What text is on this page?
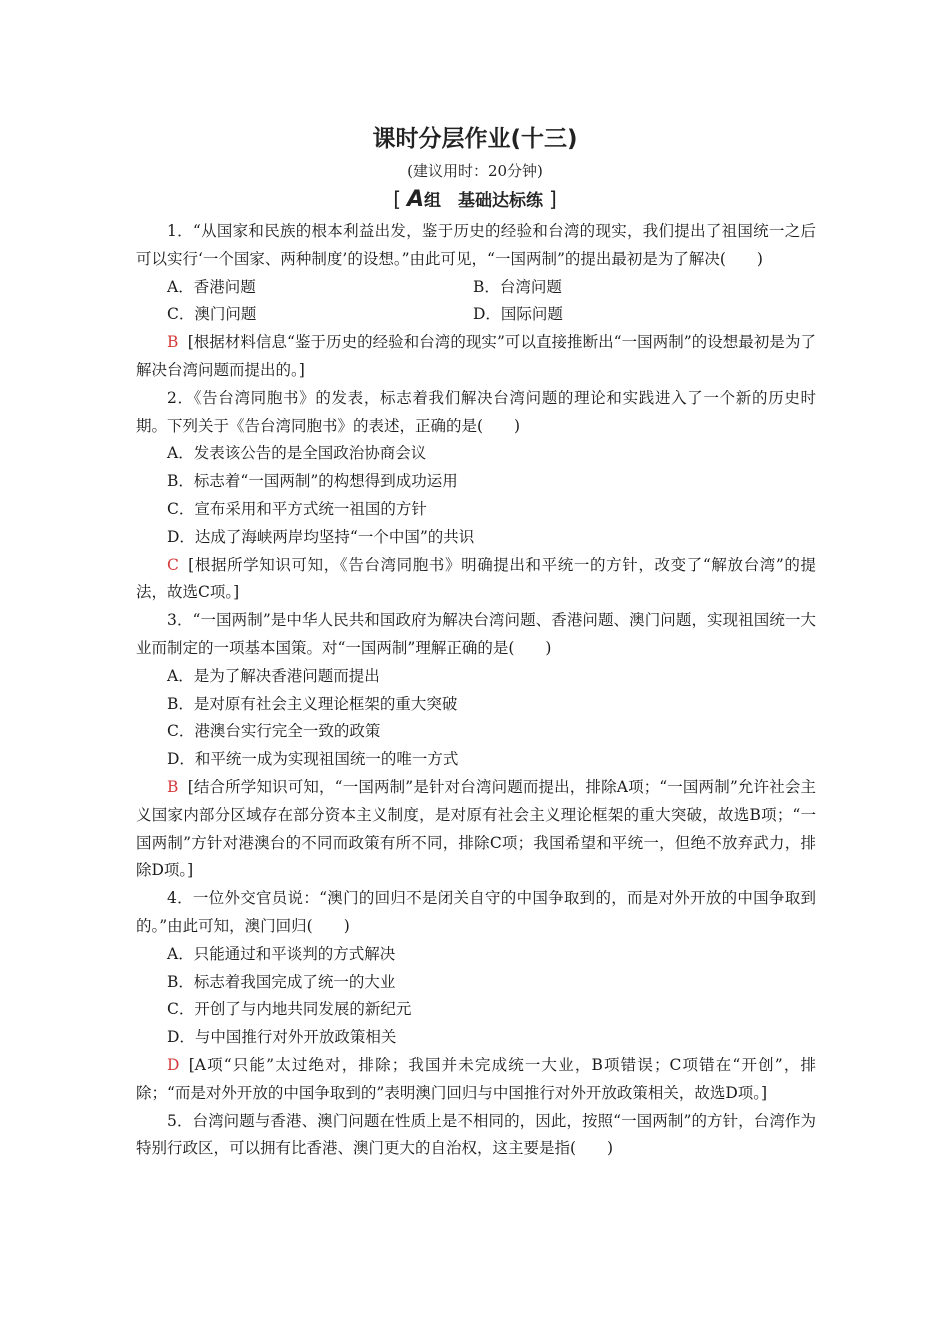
课时分层作业(十三)
(建议用时：20分钟)
[ A组　基础达标练 ]

1．“从国家和民族的根本利益出发，鉴于历史的经验和台湾的现实，我们提出了祖国统一之后可以实行‘一个国家、两种制度’的设想。”由此可见，“一国两制”的提出最初是为了解决(　　)

A．香港问题	B．台湾问题
C．澳门问题	D．国际问题

B [根据材料信息“鉴于历史的经验和台湾的现实”可以直接推断出“一国两制”的设想最初是为了解决台湾问题而提出的。]

2．《告台湾同胞书》的发表，标志着我们解决台湾问题的理论和实践进入了一个新的历史时期。下列关于《告台湾同胞书》的表述，正确的是(　　)

A．发表该公告的是全国政治协商会议

B．标志着“一国两制”的构想得到成功运用

C．宣布采用和平方式统一祖国的方针

D．达成了海峡两岸均坚持“一个中国”的共识

C [根据所学知识可知，《告台湾同胞书》明确提出和平统一的方针，改变了“解放台湾”的提法，故选C项。]

3．“一国两制”是中华人民共和国政府为解决台湾问题、香港问题、澳门问题，实现祖国统一大业而制定的一项基本国策。对“一国两制”理解正确的是(　　)

A．是为了解决香港问题而提出

B．是对原有社会主义理论框架的重大突破

C．港澳台实行完全一致的政策

D．和平统一成为实现祖国统一的唯一方式

B [结合所学知识可知，“一国两制”是针对台湾问题而提出，排除A项；“一国两制”允许社会主义国家内部分区域存在部分资本主义制度，是对原有社会主义理论框架的重大突破，故选B项；“一国两制”方针对港澳台的不同而政策有所不同，排除C项；我国希望和平统一，但绝不放弃武力，排除D项。]

4．一位外交官员说：“澳门的回归不是闭关自守的中国争取到的，而是对外开放的中国争取到的。”由此可知，澳门回归(　　)

A．只能通过和平谈判的方式解决

B．标志着我国完成了统一的大业

C．开创了与内地共同发展的新纪元

D．与中国推行对外开放政策相关

D [A项“只能”太过绝对，排除；我国并未完成统一大业，B项错误；C项错在“开创”，排除；“而是对外开放的中国争取到的”表明澳门回归与中国推行对外开放政策相关，故选D项。]

5．台湾问题与香港、澳门问题在性质上是不相同的，因此，按照“一国两制”的方针，台湾作为特别行政区，可以拥有比香港、澳门更大的自治权，这主要是指(　　)
